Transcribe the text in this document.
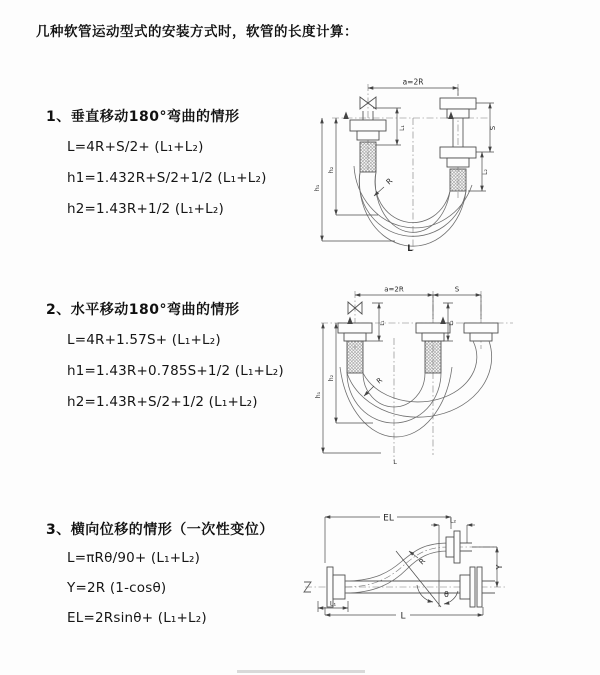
几种软管运动型式的安装方式时，软管的长度计算：
1、垂直移动180°弯曲的情形
L=4R+S/2+ (L₁+L₂)
h1=1.432R+S/2+1/2 (L₁+L₂)
h2=1.43R+1/2 (L₁+L₂)
2、水平移动180°弯曲的情形
L=4R+1.57S+ (L₁+L₂)
h1=1.43R+0.785S+1/2 (L₁+L₂)
h2=1.43R+S/2+1/2 (L₁+L₂)
3、横向位移的情形（一次性变位）
L=πRθ/90+ (L₁+L₂)
Y=2R (1-cosθ)
EL=2Rsinθ+ (L₁+L₂)
a=2R
h₁
h₂
L₁	S
L₂
R
L
a=2R	S
h₁
h₂
L₁	L₂
R
L
EL	L₂
Y
L
L₁
R
θ
